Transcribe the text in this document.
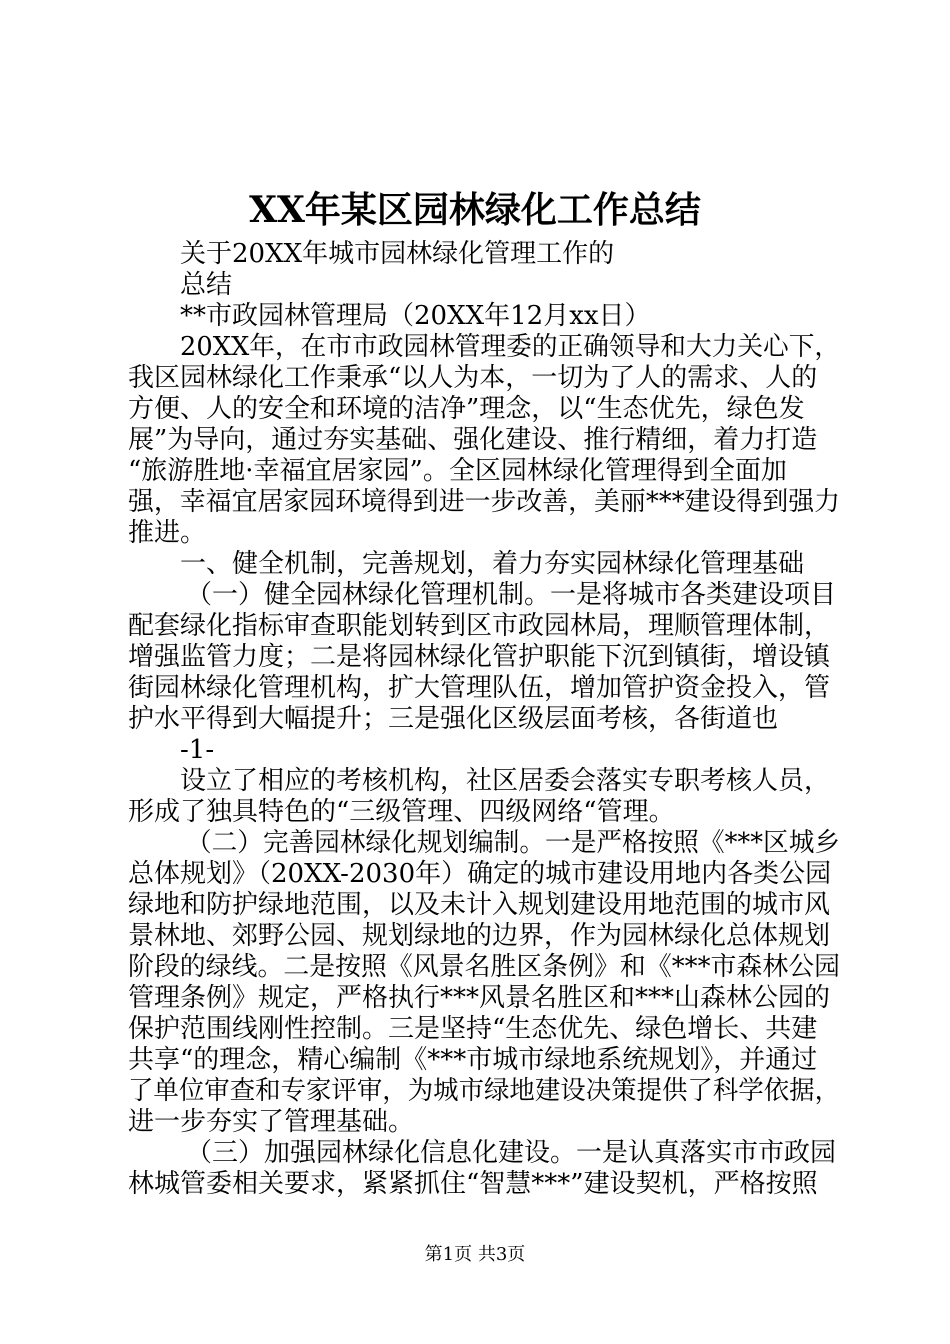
XX年某区园林绿化工作总结

关于20XX年城市园林绿化管理工作的

总结

**市政园林管理局（20XX年12月xx日）

20XX年，在市市政园林管理委的正确领导和大力关心下，

我区园林绿化工作秉承“以人为本，一切为了人的需求、人的

方便、人的安全和环境的洁净”理念，以“生态优先，绿色发

展”为导向，通过夯实基础、强化建设、推行精细，着力打造

“旅游胜地·幸福宜居家园”。全区园林绿化管理得到全面加

强，幸福宜居家园环境得到进一步改善，美丽***建设得到强力

推进。

一、健全机制，完善规划，着力夯实园林绿化管理基础

（一）健全园林绿化管理机制。一是将城市各类建设项目

配套绿化指标审查职能划转到区市政园林局，理顺管理体制，

增强监管力度；二是将园林绿化管护职能下沉到镇街，增设镇

街园林绿化管理机构，扩大管理队伍，增加管护资金投入，管

护水平得到大幅提升；三是强化区级层面考核，各街道也

-1-

设立了相应的考核机构，社区居委会落实专职考核人员，

形成了独具特色的“三级管理、四级网络“管理。

（二）完善园林绿化规划编制。一是严格按照《***区城乡

总体规划》（20XX-2030年）确定的城市建设用地内各类公园

绿地和防护绿地范围，以及未计入规划建设用地范围的城市风

景林地、郊野公园、规划绿地的边界，作为园林绿化总体规划

阶段的绿线。二是按照《风景名胜区条例》和《***市森林公园

管理条例》规定，严格执行***风景名胜区和***山森林公园的

保护范围线刚性控制。三是坚持“生态优先、绿色增长、共建

共享“的理念，精心编制《***市城市绿地系统规划》，并通过

了单位审查和专家评审，为城市绿地建设决策提供了科学依据，

进一步夯实了管理基础。

（三）加强园林绿化信息化建设。一是认真落实市市政园

林城管委相关要求，紧紧抓住“智慧***”建设契机，严格按照

第1页 共3页
